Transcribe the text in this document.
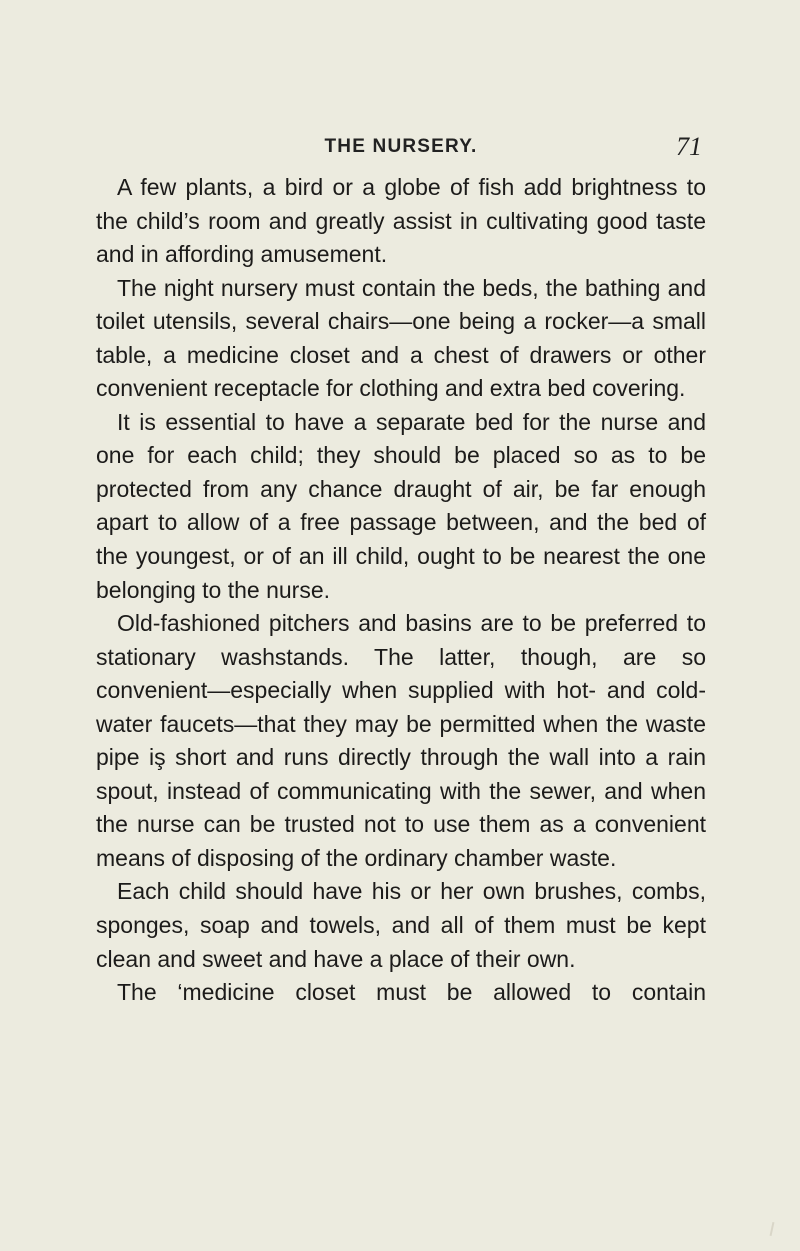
THE NURSERY.	71

A few plants, a bird or a globe of fish add brightness to the child’s room and greatly assist in cultivating good taste and in affording amusement.

The night nursery must contain the beds, the bathing and toilet utensils, several chairs—one being a rocker—a small table, a medicine closet and a chest of drawers or other convenient receptacle for clothing and extra bed covering.

It is essential to have a separate bed for the nurse and one for each child; they should be placed so as to be protected from any chance draught of air, be far enough apart to allow of a free passage between, and the bed of the youngest, or of an ill child, ought to be nearest the one belonging to the nurse.

Old-fashioned pitchers and basins are to be preferred to stationary washstands. The latter, though, are so convenient—especially when supplied with hot- and cold-water faucets—that they may be permitted when the waste pipe iş short and runs directly through the wall into a rain spout, instead of communicating with the sewer, and when the nurse can be trusted not to use them as a convenient means of disposing of the ordinary chamber waste.

Each child should have his or her own brushes, combs, sponges, soap and towels, and all of them must be kept clean and sweet and have a place of their own.

The ‘medicine closet must be allowed to contain
